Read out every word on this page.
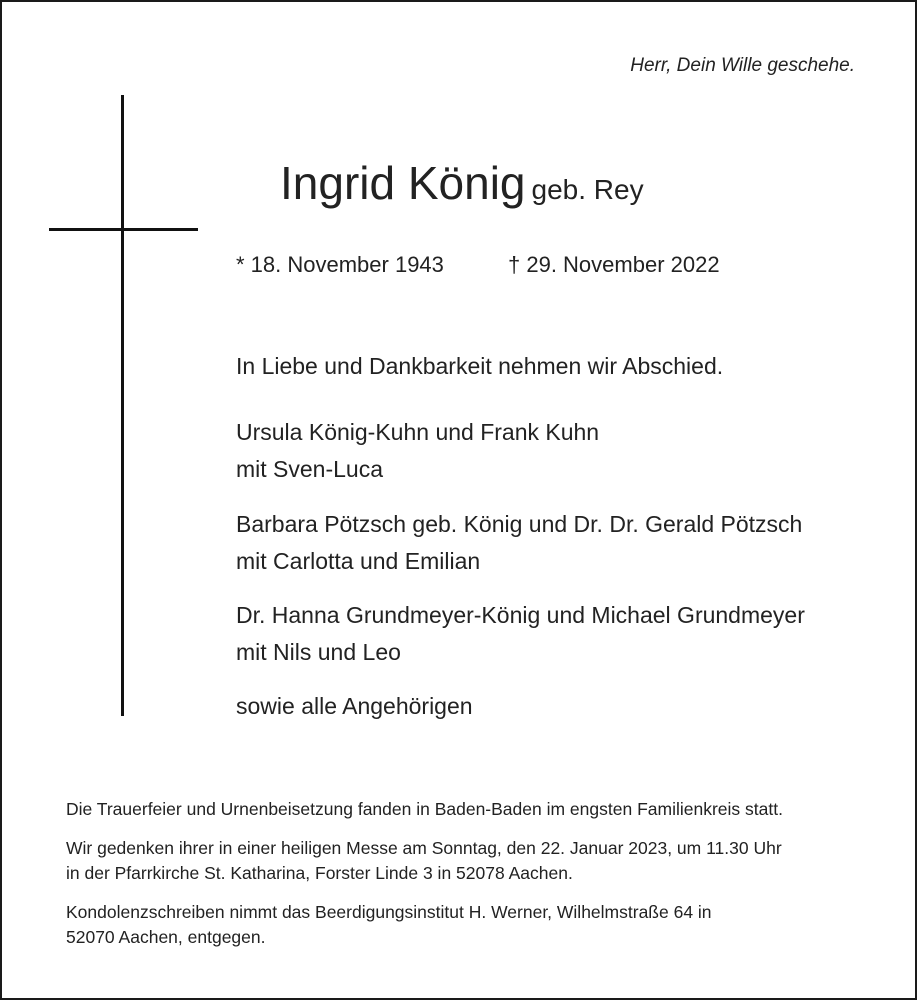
Herr, Dein Wille geschehe.
Ingrid König geb. Rey
* 18. November 1943	† 29. November 2022
In Liebe und Dankbarkeit nehmen wir Abschied.
Ursula König-Kuhn und Frank Kuhn
mit Sven-Luca
Barbara Pötzsch geb. König und Dr. Dr. Gerald Pötzsch
mit Carlotta und Emilian
Dr. Hanna Grundmeyer-König und Michael Grundmeyer
mit Nils und Leo
sowie alle Angehörigen
Die Trauerfeier und Urnenbeisetzung fanden in Baden-Baden im engsten Familienkreis statt.
Wir gedenken ihrer in einer heiligen Messe am Sonntag, den 22. Januar 2023, um 11.30 Uhr
in der Pfarrkirche St. Katharina, Forster Linde 3 in 52078 Aachen.
Kondolenzschreiben nimmt das Beerdigungsinstitut H. Werner, Wilhelmstraße 64 in
52070 Aachen, entgegen.
